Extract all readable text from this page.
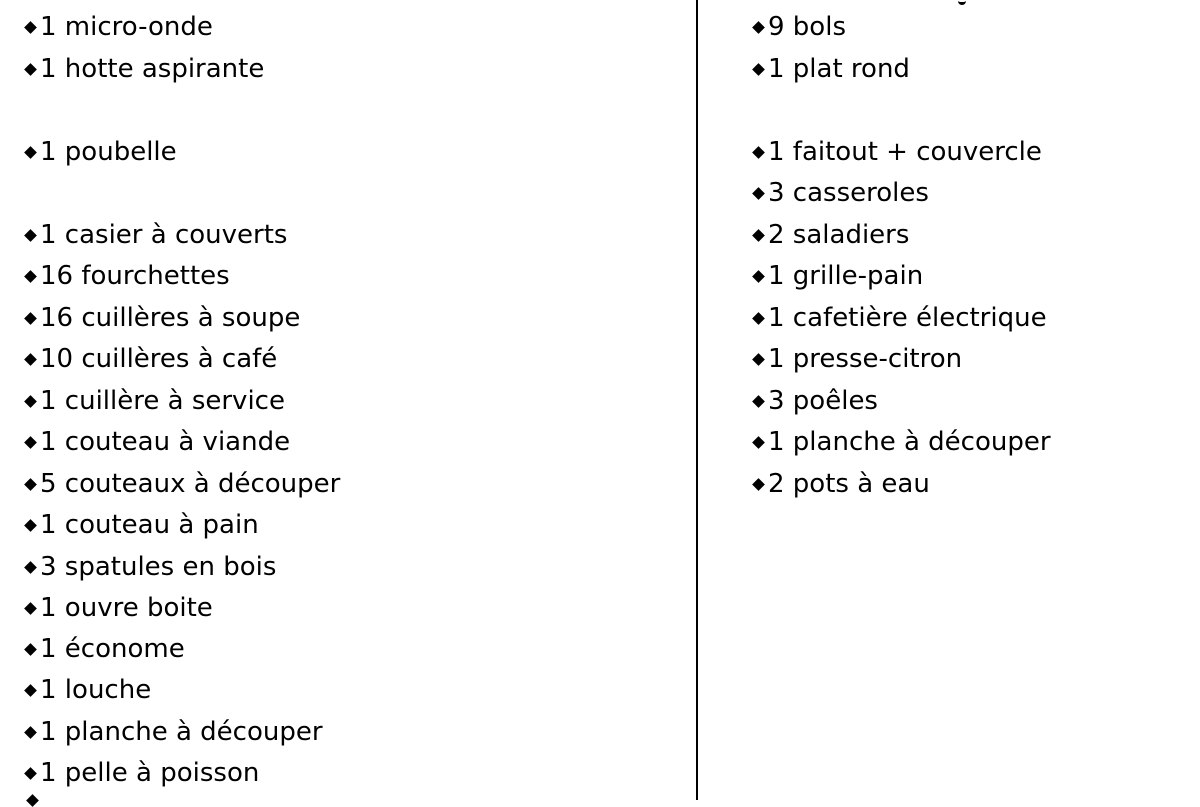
1 micro-onde
1 hotte aspirante
1 poubelle
1 casier à couverts
16 fourchettes
16 cuillères à soupe
10 cuillères à café
1 cuillère à service
1 couteau à viande
5 couteaux à découper
1 couteau à pain
3 spatules en bois
1 ouvre boite
1 économe
1 louche
1 planche à découper
1 pelle à poisson
9 bols
1 plat rond
1 faitout + couvercle
3 casseroles
2 saladiers
1 grille-pain
1 cafetière électrique
1 presse-citron
3 poêles
1 planche à découper
2 pots à eau
